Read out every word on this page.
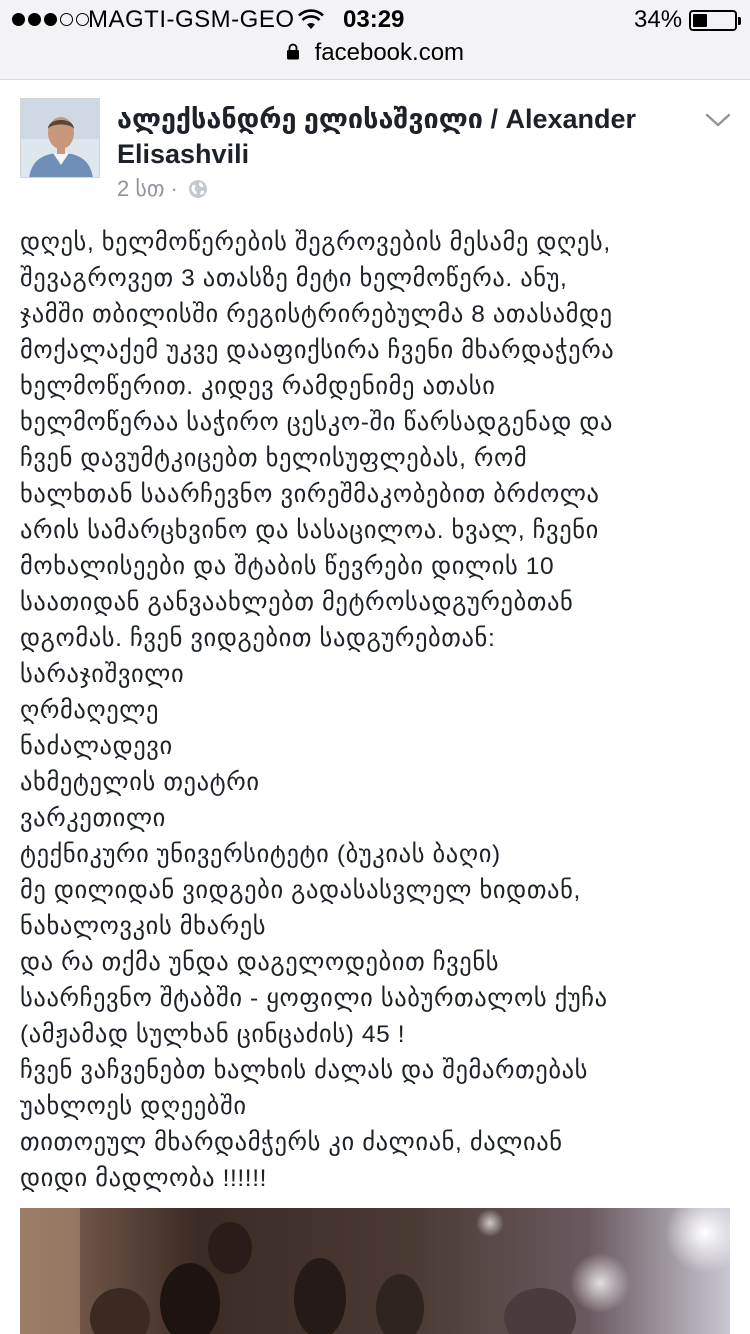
MAGTI-GSM-GEO 03:29	34%
facebook.com
ალექსანდრე ელისაშვილი / Alexander Elisashvili
2 სთ ·
დღეს, ხელმოწერების შეგროვების მესამე დღეს,
შევაგროვეთ 3 ათასზე მეტი ხელმოწერა. ანუ,
ჯამში თბილისში რეგისტრირებულმა 8 ათასამდე
მოქალაქემ უკვე დააფიქსირა ჩვენი მხარდაჭერა
ხელმოწერით. კიდევ რამდენიმე ათასი
ხელმოწერაა საჭირო ცესკო-ში წარსადგენად და
ჩვენ დავუმტკიცებთ ხელისუფლებას, რომ
ხალხთან საარჩევნო ვირეშმაკობებით ბრძოლა
არის სამარცხვინო და სასაცილოა. ხვალ, ჩვენი
მოხალისეები და შტაბის წევრები დილის 10
საათიდან განვაახლებთ მეტროსადგურებთან
დგომას. ჩვენ ვიდგებით სადგურებთან:
სარაჯიშვილი
ღრმაღელე
ნაძალადევი
ახმეტელის თეატრი
ვარკეთილი
ტექნიკური უნივერსიტეტი (ბუკიას ბაღი)
მე დილიდან ვიდგები გადასასვლელ ხიდთან,
ნახალოვკის მხარეს
და რა თქმა უნდა დაგელოდებით ჩვენს
საარჩევნო შტაბში - ყოფილი საბურთალოს ქუჩა
(ამჟამად სულხან ცინცაძის) 45 !
ჩვენ ვაჩვენებთ ხალხის ძალას და შემართებას
უახლოეს დღეებში
თითოეულ მხარდამჭერს კი ძალიან, ძალიან
დიდი მადლობა !!!!!!
